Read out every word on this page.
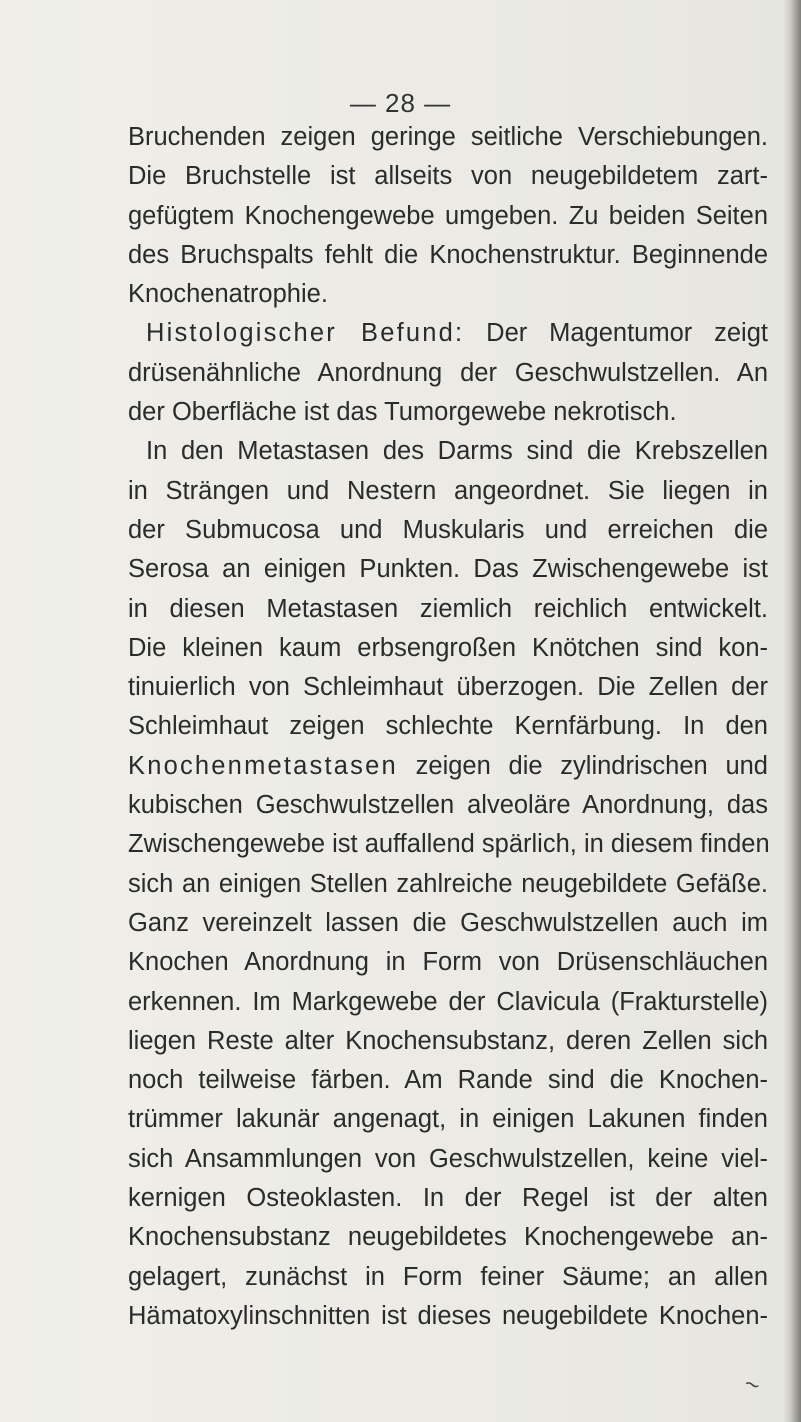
— 28 —
Bruchenden zeigen geringe seitliche Verschiebungen.
Die Bruchstelle ist allseits von neugebildetem zart-
gefügtem Knochengewebe umgeben. Zu beiden Seiten
des Bruchspalts fehlt die Knochenstruktur. Beginnende
Knochenatrophie.
Histologischer Befund: Der Magentumor zeigt
drüsenähnliche Anordnung der Geschwulstzellen. An
der Oberfläche ist das Tumorgewebe nekrotisch.
In den Metastasen des Darms sind die Krebszellen
in Strängen und Nestern angeordnet. Sie liegen in
der Submucosa und Muskularis und erreichen die
Serosa an einigen Punkten. Das Zwischengewebe ist
in diesen Metastasen ziemlich reichlich entwickelt.
Die kleinen kaum erbsengroßen Knötchen sind kon-
tinuierlich von Schleimhaut überzogen. Die Zellen der
Schleimhaut zeigen schlechte Kernfärbung. In den
Knochenmetastasen zeigen die zylindrischen und
kubischen Geschwulstzellen alveoläre Anordnung, das
Zwischengewebe ist auffallend spärlich, in diesem finden
sich an einigen Stellen zahlreiche neugebildete Gefäße.
Ganz vereinzelt lassen die Geschwulstzellen auch im
Knochen Anordnung in Form von Drüsenschläuchen
erkennen. Im Markgewebe der Clavicula (Frakturstelle)
liegen Reste alter Knochensubstanz, deren Zellen sich
noch teilweise färben. Am Rande sind die Knochen-
trümmer lakunär angenagt, in einigen Lakunen finden
sich Ansammlungen von Geschwulstzellen, keine viel-
kernigen Osteoklasten. In der Regel ist der alten
Knochensubstanz neugebildetes Knochengewebe an-
gelagert, zunächst in Form feiner Säume; an allen
Hämatoxylinschnitten ist dieses neugebildete Knochen-
∼
